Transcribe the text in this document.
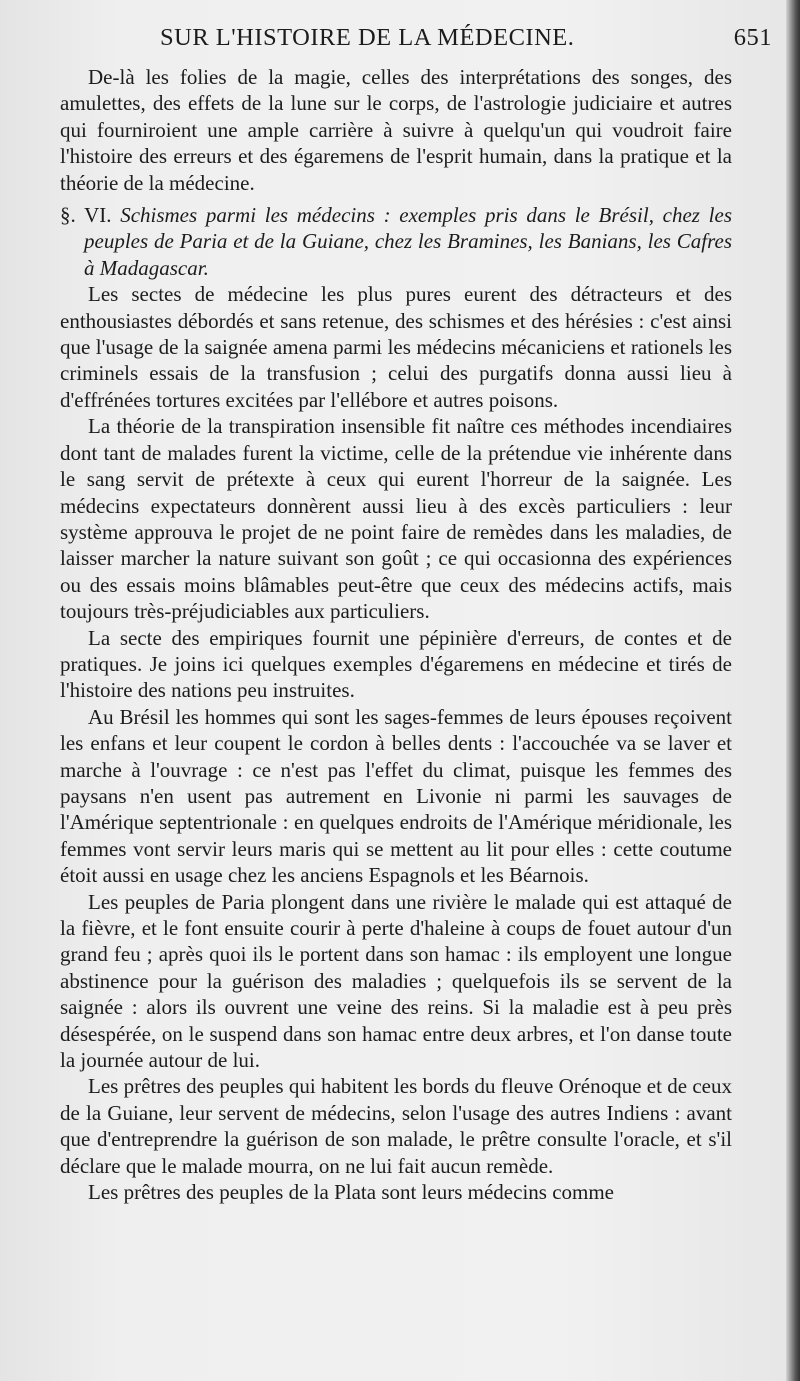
SUR L'HISTOIRE DE LA MÉDECINE.	651

De-là les folies de la magie, celles des interprétations des songes, des amulettes, des effets de la lune sur le corps, de l'astrologie judiciaire et autres qui fourniroient une ample carrière à suivre à quelqu'un qui voudroit faire l'histoire des erreurs et des égaremens de l'esprit humain, dans la pratique et la théorie de la médecine.

§. VI. Schismes parmi les médecins : exemples pris dans le Brésil, chez les peuples de Paria et de la Guiane, chez les Bramines, les Banians, les Cafres à Madagascar.

Les sectes de médecine les plus pures eurent des détracteurs et des enthousiastes débordés et sans retenue, des schismes et des hérésies : c'est ainsi que l'usage de la saignée amena parmi les médecins mécaniciens et rationels les criminels essais de la transfusion ; celui des purgatifs donna aussi lieu à d'effrénées tortures excitées par l'ellébore et autres poisons.

La théorie de la transpiration insensible fit naître ces méthodes incendiaires dont tant de malades furent la victime, celle de la prétendue vie inhérente dans le sang servit de prétexte à ceux qui eurent l'horreur de la saignée. Les médecins expectateurs donnèrent aussi lieu à des excès particuliers : leur système approuva le projet de ne point faire de remèdes dans les maladies, de laisser marcher la nature suivant son goût ; ce qui occasionna des expériences ou des essais moins blâmables peut-être que ceux des médecins actifs, mais toujours très-préjudiciables aux particuliers.

La secte des empiriques fournit une pépinière d'erreurs, de contes et de pratiques. Je joins ici quelques exemples d'égaremens en médecine et tirés de l'histoire des nations peu instruites.

Au Brésil les hommes qui sont les sages-femmes de leurs épouses reçoivent les enfans et leur coupent le cordon à belles dents : l'accouchée va se laver et marche à l'ouvrage : ce n'est pas l'effet du climat, puisque les femmes des paysans n'en usent pas autrement en Livonie ni parmi les sauvages de l'Amérique septentrionale : en quelques endroits de l'Amérique méridionale, les femmes vont servir leurs maris qui se mettent au lit pour elles : cette coutume étoit aussi en usage chez les anciens Espagnols et les Béarnois.

Les peuples de Paria plongent dans une rivière le malade qui est attaqué de la fièvre, et le font ensuite courir à perte d'haleine à coups de fouet autour d'un grand feu ; après quoi ils le portent dans son hamac : ils employent une longue abstinence pour la guérison des maladies ; quelquefois ils se servent de la saignée : alors ils ouvrent une veine des reins. Si la maladie est à peu près désespérée, on le suspend dans son hamac entre deux arbres, et l'on danse toute la journée autour de lui.

Les prêtres des peuples qui habitent les bords du fleuve Orénoque et de ceux de la Guiane, leur servent de médecins, selon l'usage des autres Indiens : avant que d'entreprendre la guérison de son malade, le prêtre consulte l'oracle, et s'il déclare que le malade mourra, on ne lui fait aucun remède.

Les prêtres des peuples de la Plata sont leurs médecins comme
